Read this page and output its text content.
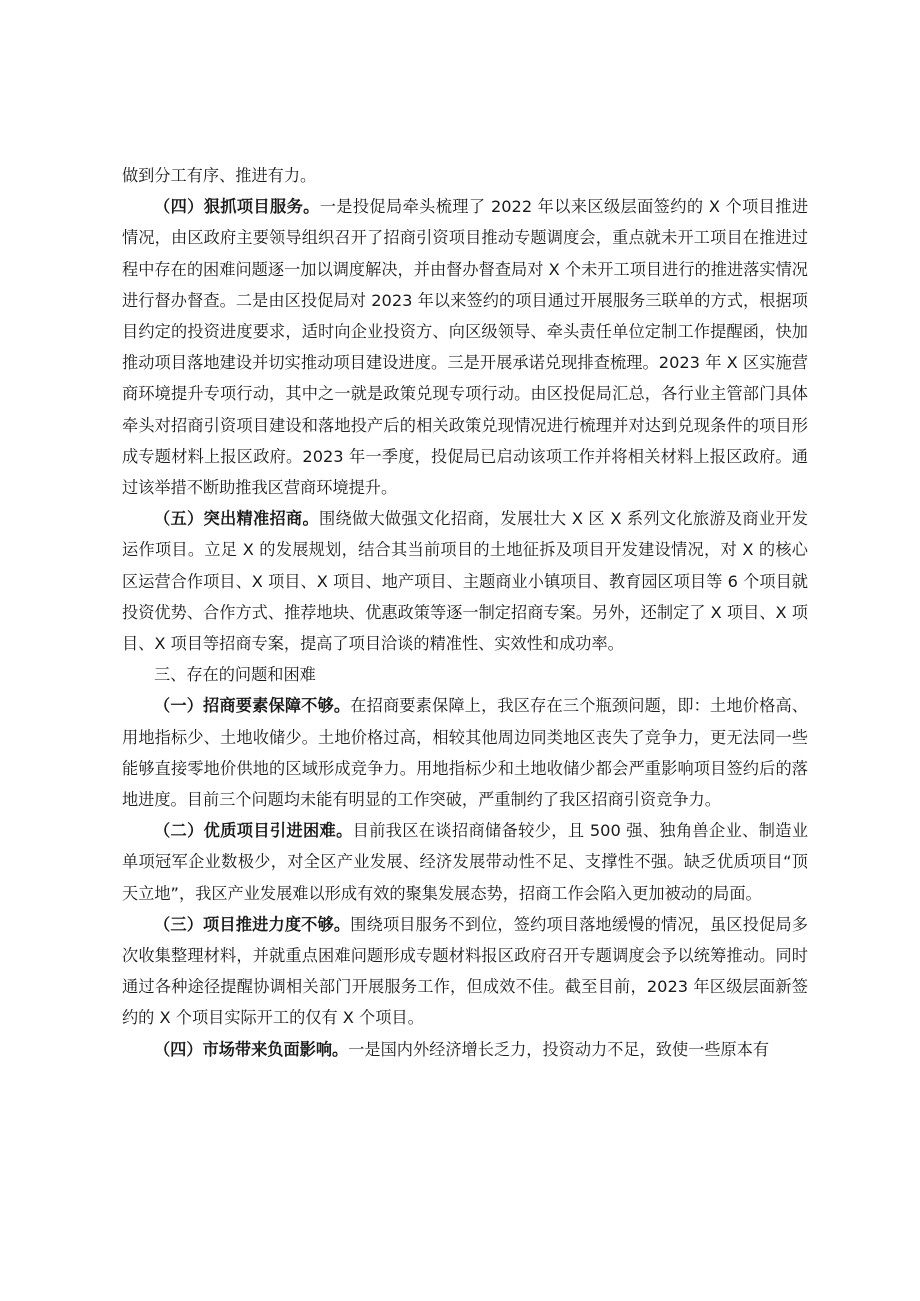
做到分工有序、推进有力。

（四）狠抓项目服务。一是投促局牵头梳理了 2022 年以来区级层面签约的 X 个项目推进情况，由区政府主要领导组织召开了招商引资项目推动专题调度会，重点就未开工项目在推进过程中存在的困难问题逐一加以调度解决，并由督办督查局对 X 个未开工项目进行的推进落实情况进行督办督查。二是由区投促局对 2023 年以来签约的项目通过开展服务三联单的方式，根据项目约定的投资进度要求，适时向企业投资方、向区级领导、牵头责任单位定制工作提醒函，快加推动项目落地建设并切实推动项目建设进度。三是开展承诺兑现排查梳理。2023 年 X 区实施营商环境提升专项行动，其中之一就是政策兑现专项行动。由区投促局汇总，各行业主管部门具体牵头对招商引资项目建设和落地投产后的相关政策兑现情况进行梳理并对达到兑现条件的项目形成专题材料上报区政府。2023 年一季度，投促局已启动该项工作并将相关材料上报区政府。通过该举措不断助推我区营商环境提升。

（五）突出精准招商。围绕做大做强文化招商，发展壮大 X 区 X 系列文化旅游及商业开发运作项目。立足 X 的发展规划，结合其当前项目的土地征拆及项目开发建设情况，对 X 的核心区运营合作项目、X 项目、X 项目、地产项目、主题商业小镇项目、教育园区项目等 6 个项目就投资优势、合作方式、推荐地块、优惠政策等逐一制定招商专案。另外，还制定了 X 项目、X 项目、X 项目等招商专案，提高了项目洽谈的精准性、实效性和成功率。

三、存在的问题和困难

（一）招商要素保障不够。在招商要素保障上，我区存在三个瓶颈问题，即：土地价格高、用地指标少、土地收储少。土地价格过高，相较其他周边同类地区丧失了竞争力，更无法同一些能够直接零地价供地的区域形成竞争力。用地指标少和土地收储少都会严重影响项目签约后的落地进度。目前三个问题均未能有明显的工作突破，严重制约了我区招商引资竞争力。

（二）优质项目引进困难。目前我区在谈招商储备较少，且 500 强、独角兽企业、制造业单项冠军企业数极少，对全区产业发展、经济发展带动性不足、支撑性不强。缺乏优质项目“顶天立地”，我区产业发展难以形成有效的聚集发展态势，招商工作会陷入更加被动的局面。

（三）项目推进力度不够。围绕项目服务不到位，签约项目落地缓慢的情况，虽区投促局多次收集整理材料，并就重点困难问题形成专题材料报区政府召开专题调度会予以统筹推动。同时通过各种途径提醒协调相关部门开展服务工作，但成效不佳。截至目前，2023 年区级层面新签约的 X 个项目实际开工的仅有 X 个项目。

（四）市场带来负面影响。一是国内外经济增长乏力，投资动力不足，致使一些原本有
